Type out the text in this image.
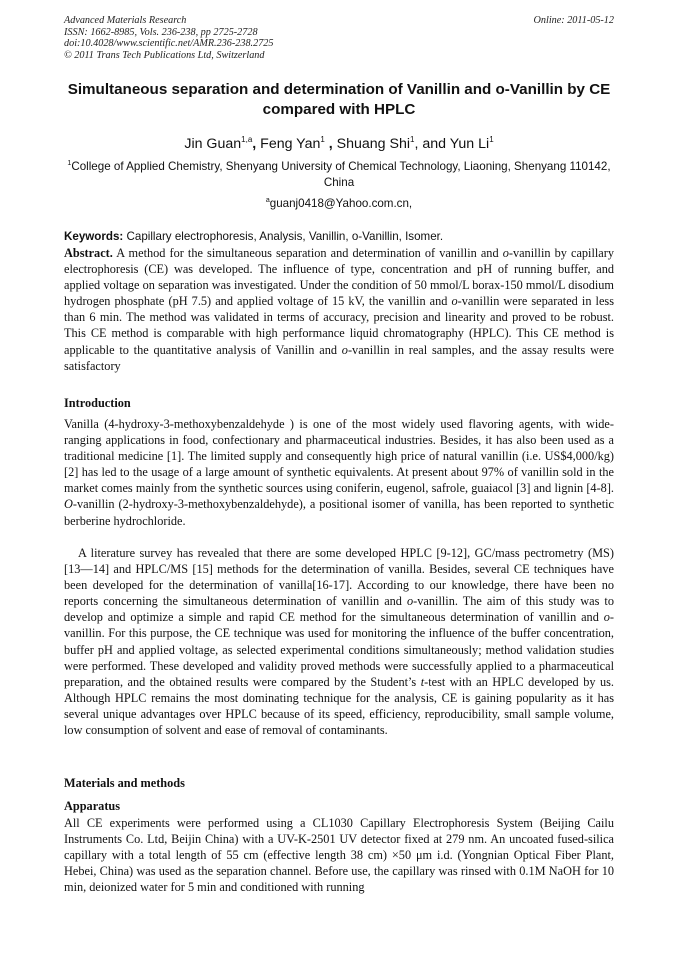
Advanced Materials Research
ISSN: 1662-8985, Vols. 236-238, pp 2725-2728
doi:10.4028/www.scientific.net/AMR.236-238.2725
© 2011 Trans Tech Publications Ltd, Switzerland
Online: 2011-05-12
Simultaneous separation and determination of Vanillin and o-Vanillin by CE compared with HPLC
Jin Guan$^{1,a}$, Feng Yan$^1$ , Shuang Shi$^1$, and Yun Li$^1$
$^1$College of Applied Chemistry, Shenyang University of Chemical Technology, Liaoning, Shenyang 110142, China
$^a$guanj0418@Yahoo.com.cn,
Keywords: Capillary electrophoresis, Analysis, Vanillin, o-Vanillin, Isomer.
Abstract. A method for the simultaneous separation and determination of vanillin and o-vanillin by capillary electrophoresis (CE) was developed. The influence of type, concentration and pH of running buffer, and applied voltage on separation was investigated. Under the condition of 50 mmol/L borax-150 mmol/L disodium hydrogen phosphate (pH 7.5) and applied voltage of 15 kV, the vanillin and o-vanillin were separated in less than 6 min. The method was validated in terms of accuracy, precision and linearity and proved to be robust. This CE method is comparable with high performance liquid chromatography (HPLC). This CE method is applicable to the quantitative analysis of Vanillin and o-vanillin in real samples, and the assay results were satisfactory
Introduction
Vanilla (4-hydroxy-3-methoxybenzaldehyde ) is one of the most widely used flavoring agents, with wide-ranging applications in food, confectionary and pharmaceutical industries. Besides, it has also been used as a traditional medicine [1]. The limited supply and consequently high price of natural vanillin (i.e. US$4,000/kg) [2] has led to the usage of a large amount of synthetic equivalents. At present about 97% of vanillin sold in the market comes mainly from the synthetic sources using coniferin, eugenol, safrole, guaiacol [3] and lignin [4-8]. O-vanillin (2-hydroxy-3-methoxybenzaldehyde), a positional isomer of vanilla, has been reported to synthetic berberine hydrochloride.
A literature survey has revealed that there are some developed HPLC [9-12], GC/mass pectrometry (MS) [13—14] and HPLC/MS [15] methods for the determination of vanilla. Besides, several CE techniques have been developed for the determination of vanilla[16-17]. According to our knowledge, there have been no reports concerning the simultaneous determination of vanillin and o-vanillin. The aim of this study was to develop and optimize a simple and rapid CE method for the simultaneous determination of vanillin and o-vanillin. For this purpose, the CE technique was used for monitoring the influence of the buffer concentration, buffer pH and applied voltage, as selected experimental conditions simultaneously; method validation studies were performed. These developed and validity proved methods were successfully applied to a pharmaceutical preparation, and the obtained results were compared by the Student’s t-test with an HPLC developed by us. Although HPLC remains the most dominating technique for the analysis, CE is gaining popularity as it has several unique advantages over HPLC because of its speed, efficiency, reproducibility, small sample volume, low consumption of solvent and ease of removal of contaminants.
Materials and methods
Apparatus
All CE experiments were performed using a CL1030 Capillary Electrophoresis System (Beijing Cailu Instruments Co. Ltd, Beijin China) with a UV-K-2501 UV detector fixed at 279 nm. An uncoated fused-silica capillary with a total length of 55 cm (effective length 38 cm) ×50 μm i.d. (Yongnian Optical Fiber Plant, Hebei, China) was used as the separation channel. Before use, the capillary was rinsed with 0.1M NaOH for 10 min, deionized water for 5 min and conditioned with running
